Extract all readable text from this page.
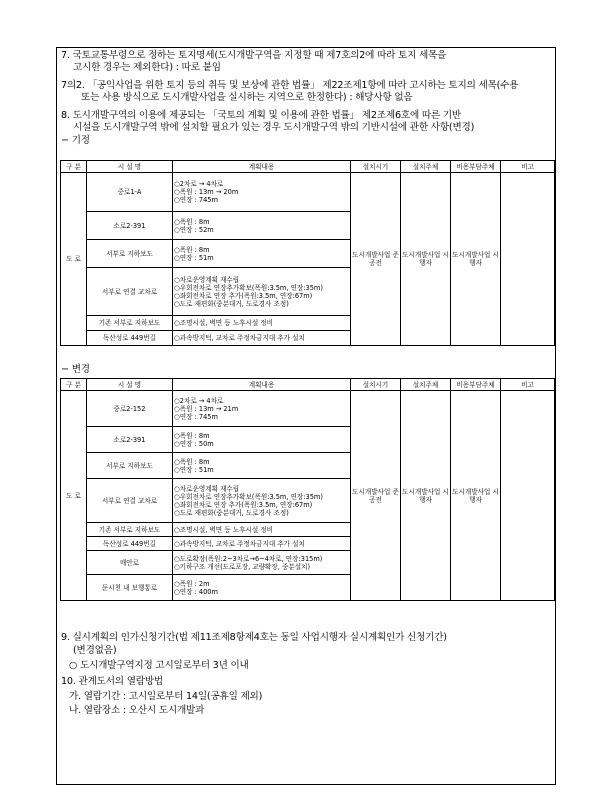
7. 국토교통부령으로 정하는 토지명세(도시개발구역을 지정할 때 제7호의2에 따라 토지 세목을
고시한 경우는 제외한다) : 따로 붙임
7의2. 「공익사업을 위한 토지 등의 취득 및 보상에 관한 법률」 제22조제1항에 따라 고시하는 토지의 세목(수용
또는 사용 방식으로 도시개발사업을 실시하는 지역으로 한정한다) : 해당사항 없음
8. 도시개발구역의 이용에 제공되는 「국토의 계획 및 이용에 관한 법률」 제2조제6호에 따른 기반
시설을 도시개발구역 밖에 설치할 필요가 있는 경우 도시개발구역 밖의 기반시설에 관한 사항(변경)
− 기정
구 분	시 설 명	계획내용	설치시기	설치주체	비용부담주체	비고
도 로	중로1-A	○2차로 → 4차로
○폭원 : 13m → 20m
○연장 : 745m	도시개발사업 준공전	도시개발사업 시행자	도시개발사업 시행자	
	소로2-391	○폭원 : 8m
○연장 : 52m				

	서부로 지하보도	○폭원 : 8m
○연장 : 51m				

	서부로 연결 교차로	○차로운영계획 재수립
○우회전차로 연장추가확보(폭원:3.5m, 연장:35m)
○좌회전차로 연장 추가(폭원:3.5m, 연장:67m)
○도로 재편화(중분대거, 도로경사 조정)				

	기존 서부로 지하보도	○조명시설, 벽면 등 노후시설 정비				

	독산성로 449번길	○과속방지턱, 교차로 주정차금지대 추가 설치				
− 변경
구 분	시 설 명	계획내용	설치시기	설치주체	비용부담주체	비고
도 로	중로2-152	○2차로 → 4차로
○폭원 : 13m → 21m
○연장 : 745m	도시개발사업 준공전	도시개발사업 시행자	도시개발사업 시행자	
	소로2-391	○폭원 : 8m
○연장 : 50m				

	서부로 지하보도	○폭원 : 8m
○연장 : 51m				

	서부로 연결 교차로	○차로운영계획 재수립
○우회전차로 연장추가확보(폭원:3.5m, 연장:35m)
○좌회전차로 연장 추가(폭원:3.5m, 연장:67m)
○도로 재편화(중분대거, 도로경사 조정)				

	기존 서부로 지하보도	○조명시설, 벽면 등 노후시설 정비				

	독산성로 449번길	○과속방지턱, 교차로 주정차금지대 추가 설치				

	매안로	○도로확장(폭원:2~3차로→6~4차로, 연장:315m)
○기하구조 개선(도로포장, 교량확장, 중분설치)				

	둔시천 내 보행통로	○폭원 : 2m
○연장 : 400m				
9. 실시계획의 인가신청기간(법 제11조제8항제4호는 동일 사업시행자 실시계획인가 신청기간)
(변경없음)
○ 도시개발구역지정 고시일로부터 3년 이내
10. 관계도서의 열람방법
가. 열람기간 : 고시일로부터 14일(공휴일 제외)
나. 열람장소 : 오산시 도시개발과
